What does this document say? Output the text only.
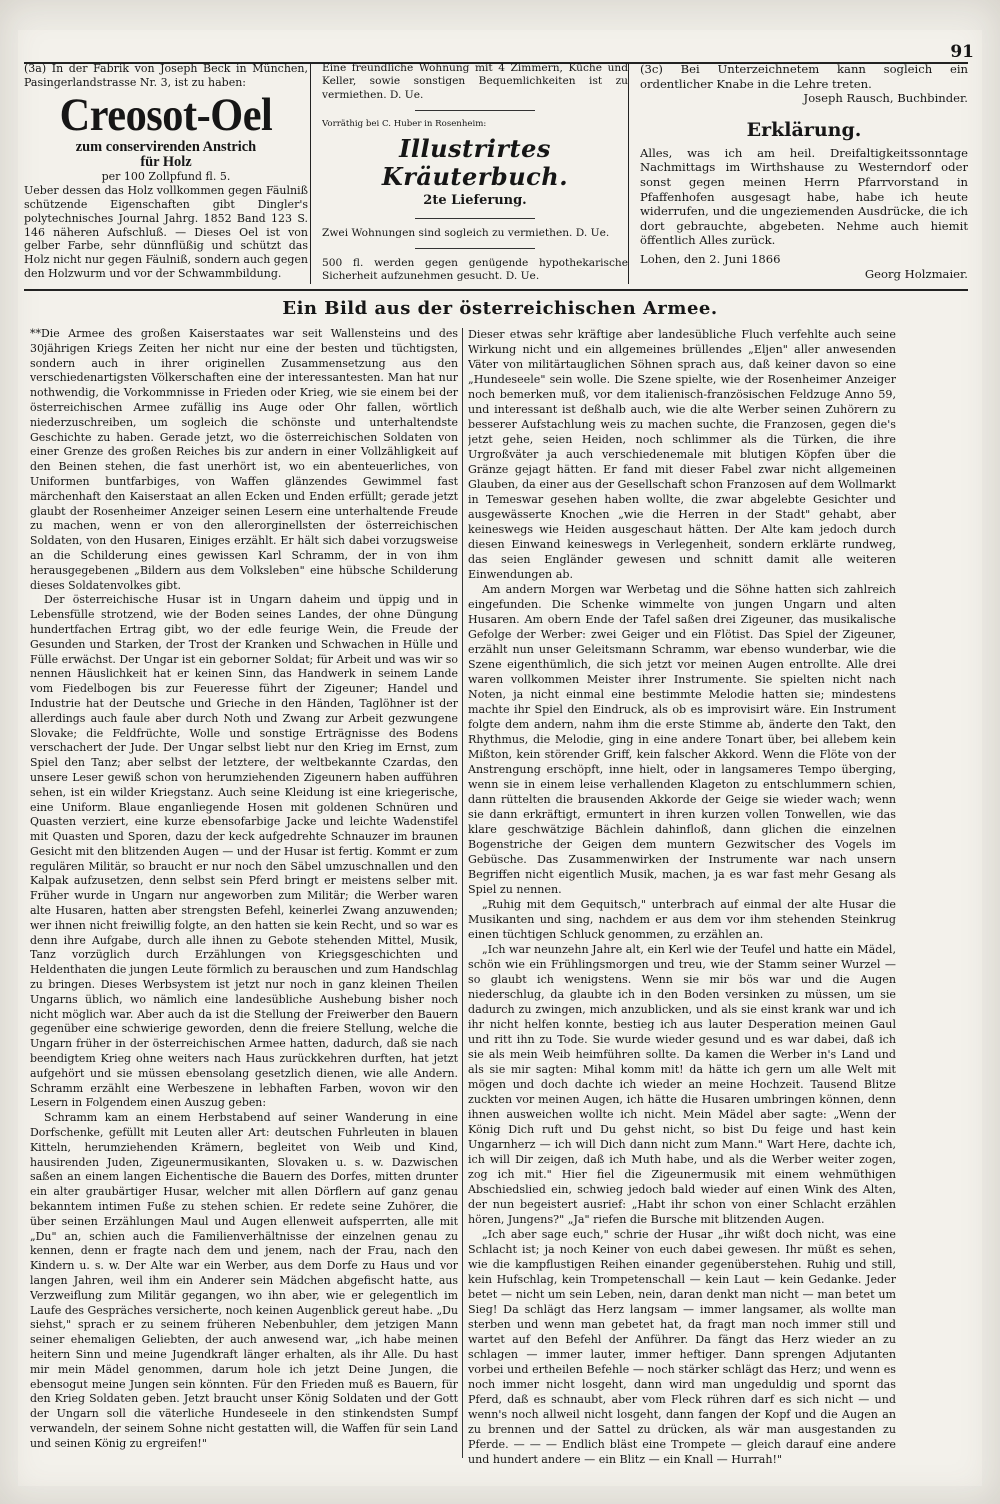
91

(3a) In der Fabrik von Joseph Beck in München, Pasingerlandstrasse Nr. 3, ist zu haben:

Creosot-Oel

zum conservirenden Anstrich

für Holz

per 100 Zollpfund fl. 5.

Ueber dessen das Holz vollkommen gegen Fäulniß schützende Eigenschaften gibt Dingler's polytechnisches Journal Jahrg. 1852 Band 123 S. 146 näheren Aufschluß. — Dieses Oel ist von gelber Farbe, sehr dünnflüßig und schützt das Holz nicht nur gegen Fäulniß, sondern auch gegen den Holzwurm und vor der Schwammbildung.

Eine freundliche Wohnung mit 4 Zimmern, Küche und Keller, sowie sonstigen Bequemlichkeiten ist zu vermiethen. D. Ue.

Vorräthig bei C. Huber in Rosenheim:

Illustrirtes Kräuterbuch.

2te Lieferung.

Zwei Wohnungen sind sogleich zu vermiethen. D. Ue.

500 fl. werden gegen genügende hypothekarische Sicherheit aufzunehmen gesucht. D. Ue.

(3c) Bei Unterzeichnetem kann sogleich ein ordentlicher Knabe in die Lehre treten.

Joseph Rausch, Buchbinder.

Erklärung.

Alles, was ich am heil. Dreifaltigkeitssonntage Nachmittags im Wirthshause zu Westerndorf oder sonst gegen meinen Herrn Pfarrvorstand in Pfaffenhofen ausgesagt habe, habe ich heute widerrufen, und die ungeziemenden Ausdrücke, die ich dort gebrauchte, abgebeten. Nehme auch hiemit öffentlich Alles zurück.

Lohen, den 2. Juni 1866

Georg Holzmaier.

Ein Bild aus der österreichischen Armee.

**Die Armee des großen Kaiserstaates war seit Wallensteins und des 30jährigen Kriegs Zeiten her nicht nur eine der besten und tüchtigsten, sondern auch in ihrer originellen Zusammensetzung aus den verschiedenartigsten Völkerschaften eine der interessantesten. Man hat nur nothwendig, die Vorkommnisse in Frieden oder Krieg, wie sie einem bei der österreichischen Armee zufällig ins Auge oder Ohr fallen, wörtlich niederzuschreiben, um sogleich die schönste und unterhaltendste Geschichte zu haben. Gerade jetzt, wo die österreichischen Soldaten von einer Grenze des großen Reiches bis zur andern in einer Vollzähligkeit auf den Beinen stehen, die fast unerhört ist, wo ein abenteuerliches, von Uniformen buntfarbiges, von Waffen glänzendes Gewimmel fast märchenhaft den Kaiserstaat an allen Ecken und Enden erfüllt; gerade jetzt glaubt der Rosenheimer Anzeiger seinen Lesern eine unterhaltende Freude zu machen, wenn er von den allerorginellsten der österreichischen Soldaten, von den Husaren, Einiges erzählt. Er hält sich dabei vorzugsweise an die Schilderung eines gewissen Karl Schramm, der in von ihm herausgegebenen „Bildern aus dem Volksleben" eine hübsche Schilderung dieses Soldatenvolkes gibt.

Der österreichische Husar ist in Ungarn daheim und üppig und in Lebensfülle strotzend, wie der Boden seines Landes, der ohne Düngung hundertfachen Ertrag gibt, wo der edle feurige Wein, die Freude der Gesunden und Starken, der Trost der Kranken und Schwachen in Hülle und Fülle erwächst. Der Ungar ist ein geborner Soldat; für Arbeit und was wir so nennen Häuslichkeit hat er keinen Sinn, das Handwerk in seinem Lande vom Fiedelbogen bis zur Feueresse führt der Zigeuner; Handel und Industrie hat der Deutsche und Grieche in den Händen, Taglöhner ist der allerdings auch faule aber durch Noth und Zwang zur Arbeit gezwungene Slovake; die Feldfrüchte, Wolle und sonstige Erträgnisse des Bodens verschachert der Jude. Der Ungar selbst liebt nur den Krieg im Ernst, zum Spiel den Tanz; aber selbst der letztere, der weltbekannte Czardas, den unsere Leser gewiß schon von herumziehenden Zigeunern haben aufführen sehen, ist ein wilder Kriegstanz. Auch seine Kleidung ist eine kriegerische, eine Uniform. Blaue enganliegende Hosen mit goldenen Schnüren und Quasten verziert, eine kurze ebensofarbige Jacke und leichte Wadenstifel mit Quasten und Sporen, dazu der keck aufgedrehte Schnauzer im braunen Gesicht mit den blitzenden Augen — und der Husar ist fertig. Kommt er zum regulären Militär, so braucht er nur noch den Säbel umzuschnallen und den Kalpak aufzusetzen, denn selbst sein Pferd bringt er meistens selber mit. Früher wurde in Ungarn nur angeworben zum Militär; die Werber waren alte Husaren, hatten aber strengsten Befehl, keinerlei Zwang anzuwenden; wer ihnen nicht freiwillig folgte, an den hatten sie kein Recht, und so war es denn ihre Aufgabe, durch alle ihnen zu Gebote stehenden Mittel, Musik, Tanz vorzüglich durch Erzählungen von Kriegsgeschichten und Heldenthaten die jungen Leute förmlich zu berauschen und zum Handschlag zu bringen. Dieses Werbsystem ist jetzt nur noch in ganz kleinen Theilen Ungarns üblich, wo nämlich eine landesübliche Aushebung bisher noch nicht möglich war. Aber auch da ist die Stellung der Freiwerber den Bauern gegenüber eine schwierige geworden, denn die freiere Stellung, welche die Ungarn früher in der österreichischen Armee hatten, dadurch, daß sie nach beendigtem Krieg ohne weiters nach Haus zurückkehren durften, hat jetzt aufgehört und sie müssen ebensolang gesetzlich dienen, wie alle Andern. Schramm erzählt eine Werbeszene in lebhaften Farben, wovon wir den Lesern in Folgendem einen Auszug geben:

Schramm kam an einem Herbstabend auf seiner Wanderung in eine Dorfschenke, gefüllt mit Leuten aller Art: deutschen Fuhrleuten in blauen Kitteln, herumziehenden Krämern, begleitet von Weib und Kind, hausirenden Juden, Zigeunermusikanten, Slovaken u. s. w. Dazwischen saßen an einem langen Eichentische die Bauern des Dorfes, mitten drunter ein alter graubärtiger Husar, welcher mit allen Dörflern auf ganz genau bekanntem intimen Fuße zu stehen schien. Er redete seine Zuhörer, die über seinen Erzählungen Maul und Augen ellenweit aufsperrten, alle mit „Du" an, schien auch die Familienverhältnisse der einzelnen genau zu kennen, denn er fragte nach dem und jenem, nach der Frau, nach den Kindern u. s. w. Der Alte war ein Werber, aus dem Dorfe zu Haus und vor langen Jahren, weil ihm ein Anderer sein Mädchen abgefischt hatte, aus Verzweiflung zum Militär gegangen, wo ihn aber, wie er gelegentlich im Laufe des Gespräches versicherte, noch keinen Augenblick gereut habe. „Du siehst," sprach er zu seinem früheren Nebenbuhler, dem jetzigen Mann seiner ehemaligen Geliebten, der auch anwesend war, „ich habe meinen heitern Sinn und meine Jugendkraft länger erhalten, als ihr Alle. Du hast mir mein Mädel genommen, darum hole ich jetzt Deine Jungen, die ebensogut meine Jungen sein könnten. Für den Frieden muß es Bauern, für den Krieg Soldaten geben. Jetzt braucht unser König Soldaten und der Gott der Ungarn soll die väterliche Hundeseele in den stinkendsten Sumpf verwandeln, der seinem Sohne nicht gestatten will, die Waffen für sein Land und seinen König zu ergreifen!"

Dieser etwas sehr kräftige aber landesübliche Fluch verfehlte auch seine Wirkung nicht und ein allgemeines brüllendes „Eljen" aller anwesenden Väter von militärtauglichen Söhnen sprach aus, daß keiner davon so eine „Hundeseele" sein wolle. Die Szene spielte, wie der Rosenheimer Anzeiger noch bemerken muß, vor dem italienisch-französischen Feldzuge Anno 59, und interessant ist deßhalb auch, wie die alte Werber seinen Zuhörern zu besserer Aufstachlung weis zu machen suchte, die Franzosen, gegen die's jetzt gehe, seien Heiden, noch schlimmer als die Türken, die ihre Urgroßväter ja auch verschiedenemale mit blutigen Köpfen über die Gränze gejagt hätten. Er fand mit dieser Fabel zwar nicht allgemeinen Glauben, da einer aus der Gesellschaft schon Franzosen auf dem Wollmarkt in Temeswar gesehen haben wollte, die zwar abgelebte Gesichter und ausgewässerte Knochen „wie die Herren in der Stadt" gehabt, aber keineswegs wie Heiden ausgeschaut hätten. Der Alte kam jedoch durch diesen Einwand keineswegs in Verlegenheit, sondern erklärte rundweg, das seien Engländer gewesen und schnitt damit alle weiteren Einwendungen ab.

Am andern Morgen war Werbetag und die Söhne hatten sich zahlreich eingefunden. Die Schenke wimmelte von jungen Ungarn und alten Husaren. Am obern Ende der Tafel saßen drei Zigeuner, das musikalische Gefolge der Werber: zwei Geiger und ein Flötist. Das Spiel der Zigeuner, erzählt nun unser Geleitsmann Schramm, war ebenso wunderbar, wie die Szene eigenthümlich, die sich jetzt vor meinen Augen entrollte. Alle drei waren vollkommen Meister ihrer Instrumente. Sie spielten nicht nach Noten, ja nicht einmal eine bestimmte Melodie hatten sie; mindestens machte ihr Spiel den Eindruck, als ob es improvisirt wäre. Ein Instrument folgte dem andern, nahm ihm die erste Stimme ab, änderte den Takt, den Rhythmus, die Melodie, ging in eine andere Tonart über, bei allebem kein Mißton, kein störender Griff, kein falscher Akkord. Wenn die Flöte von der Anstrengung erschöpft, inne hielt, oder in langsameres Tempo überging, wenn sie in einem leise verhallenden Klageton zu entschlummern schien, dann rüttelten die brausenden Akkorde der Geige sie wieder wach; wenn sie dann erkräftigt, ermuntert in ihren kurzen vollen Tonwellen, wie das klare geschwätzige Bächlein dahinfloß, dann glichen die einzelnen Bogenstriche der Geigen dem muntern Gezwitscher des Vogels im Gebüsche. Das Zusammenwirken der Instrumente war nach unsern Begriffen nicht eigentlich Musik, machen, ja es war fast mehr Gesang als Spiel zu nennen.

„Ruhig mit dem Gequitsch," unterbrach auf einmal der alte Husar die Musikanten und sing, nachdem er aus dem vor ihm stehenden Steinkrug einen tüchtigen Schluck genommen, zu erzählen an.

„Ich war neunzehn Jahre alt, ein Kerl wie der Teufel und hatte ein Mädel, schön wie ein Frühlingsmorgen und treu, wie der Stamm seiner Wurzel — so glaubt ich wenigstens. Wenn sie mir bös war und die Augen niederschlug, da glaubte ich in den Boden versinken zu müssen, um sie dadurch zu zwingen, mich anzublicken, und als sie einst krank war und ich ihr nicht helfen konnte, bestieg ich aus lauter Desperation meinen Gaul und ritt ihn zu Tode. Sie wurde wieder gesund und es war dabei, daß ich sie als mein Weib heimführen sollte. Da kamen die Werber in's Land und als sie mir sagten: Mihal komm mit! da hätte ich gern um alle Welt mit mögen und doch dachte ich wieder an meine Hochzeit. Tausend Blitze zuckten vor meinen Augen, ich hätte die Husaren umbringen können, denn ihnen ausweichen wollte ich nicht. Mein Mädel aber sagte: „Wenn der König Dich ruft und Du gehst nicht, so bist Du feige und hast kein Ungarnherz — ich will Dich dann nicht zum Mann." Wart Here, dachte ich, ich will Dir zeigen, daß ich Muth habe, und als die Werber weiter zogen, zog ich mit." Hier fiel die Zigeunermusik mit einem wehmüthigen Abschiedslied ein, schwieg jedoch bald wieder auf einen Wink des Alten, der nun begeistert ausrief: „Habt ihr schon von einer Schlacht erzählen hören, Jungens?" „Ja" riefen die Bursche mit blitzenden Augen.

„Ich aber sage euch," schrie der Husar „ihr wißt doch nicht, was eine Schlacht ist; ja noch Keiner von euch dabei gewesen. Ihr müßt es sehen, wie die kampflustigen Reihen einander gegenüberstehen. Ruhig und still, kein Hufschlag, kein Trompetenschall — kein Laut — kein Gedanke. Jeder betet — nicht um sein Leben, nein, daran denkt man nicht — man betet um Sieg! Da schlägt das Herz langsam — immer langsamer, als wollte man sterben und wenn man gebetet hat, da fragt man noch immer still und wartet auf den Befehl der Anführer. Da fängt das Herz wieder an zu schlagen — immer lauter, immer heftiger. Dann sprengen Adjutanten vorbei und ertheilen Befehle — noch stärker schlägt das Herz; und wenn es noch immer nicht losgeht, dann wird man ungeduldig und spornt das Pferd, daß es schnaubt, aber vom Fleck rühren darf es sich nicht — und wenn's noch allweil nicht losgeht, dann fangen der Kopf und die Augen an zu brennen und der Sattel zu drücken, als wär man ausgestanden zu Pferde. — — — Endlich bläst eine Trompete — gleich darauf eine andere und hundert andere — ein Blitz — ein Knall — Hurrah!"
